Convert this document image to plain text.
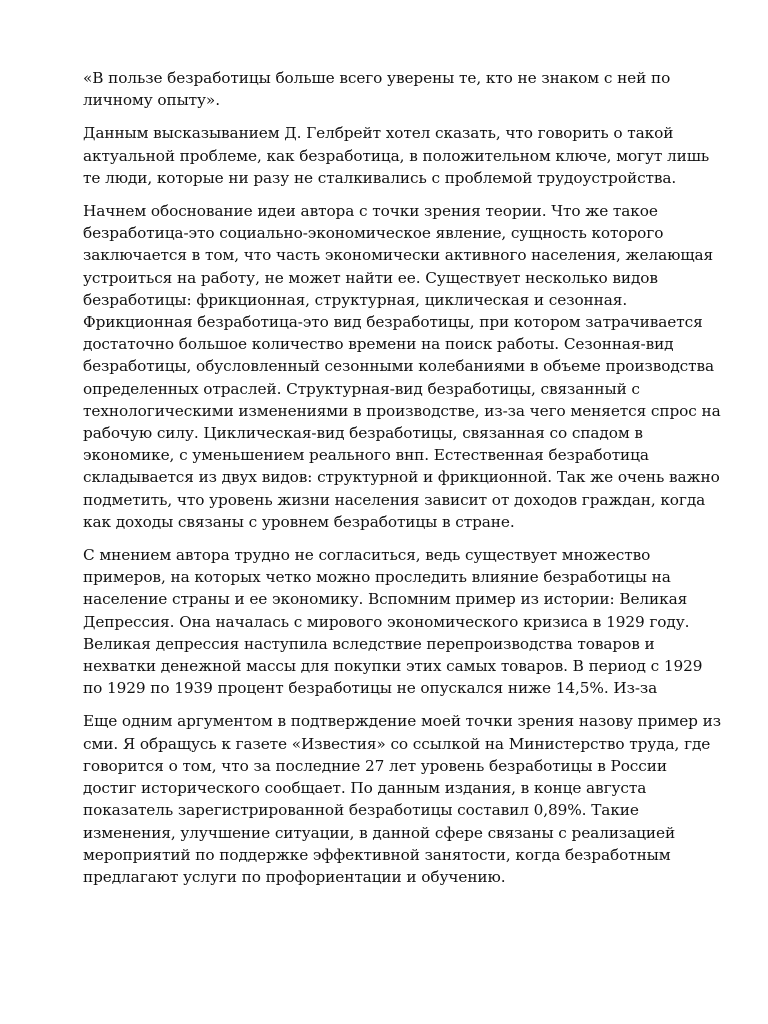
«В пользе безработицы больше всего уверены те, кто не знаком с ней по личному опыту».

Данным высказыванием Д. Гелбрейт хотел сказать, что говорить о такой актуальной проблеме, как безработица, в положительном ключе, могут лишь те люди, которые ни разу не сталкивались с проблемой трудоустройства.

Начнем обоснование идеи автора с точки зрения теории. Что же такое безработица-это социально-экономическое явление, сущность которого заключается в том, что часть экономически активного населения, желающая устроиться на работу, не может найти ее. Существует несколько видов безработицы: фрикционная, структурная, циклическая и сезонная. Фрикционная безработица-это вид безработицы, при котором затрачивается достаточно большое количество времени на поиск работы. Сезонная-вид безработицы, обусловленный сезонными колебаниями в объеме производства определенных отраслей. Структурная-вид безработицы, связанный с технологическими изменениями в производстве, из-за чего меняется спрос на рабочую силу. Циклическая-вид безработицы, связанная со спадом в экономике, с уменьшением реального внп. Естественная безработица складывается из двух видов: структурной и фрикционной. Так же очень важно подметить, что уровень жизни населения зависит от доходов граждан, когда как доходы связаны с уровнем безработицы в стране.

С мнением автора трудно не согласиться, ведь существует множество примеров, на которых четко можно проследить влияние безработицы на население страны и ее экономику. Вспомним пример из истории: Великая Депрессия. Она началась с мирового экономического кризиса в 1929 году. Великая депрессия наступила вследствие перепроизводства товаров и нехватки денежной массы для покупки этих самых товаров. В период с 1929 по 1929 по 1939 процент безработицы не опускался ниже 14,5%. Из-за

Еще одним аргументом в подтверждение моей точки зрения назову пример из сми. Я обращусь к газете «Известия» со ссылкой на Министерство труда, где говорится о том, что за последние 27 лет уровень безработицы в России достиг исторического сообщает. По данным издания, в конце августа показатель зарегистрированной безработицы составил 0,89%. Такие изменения, улучшение ситуации, в данной сфере связаны с реализацией мероприятий по поддержке эффективной занятости, когда безработным предлагают услуги по профориентации и обучению.
